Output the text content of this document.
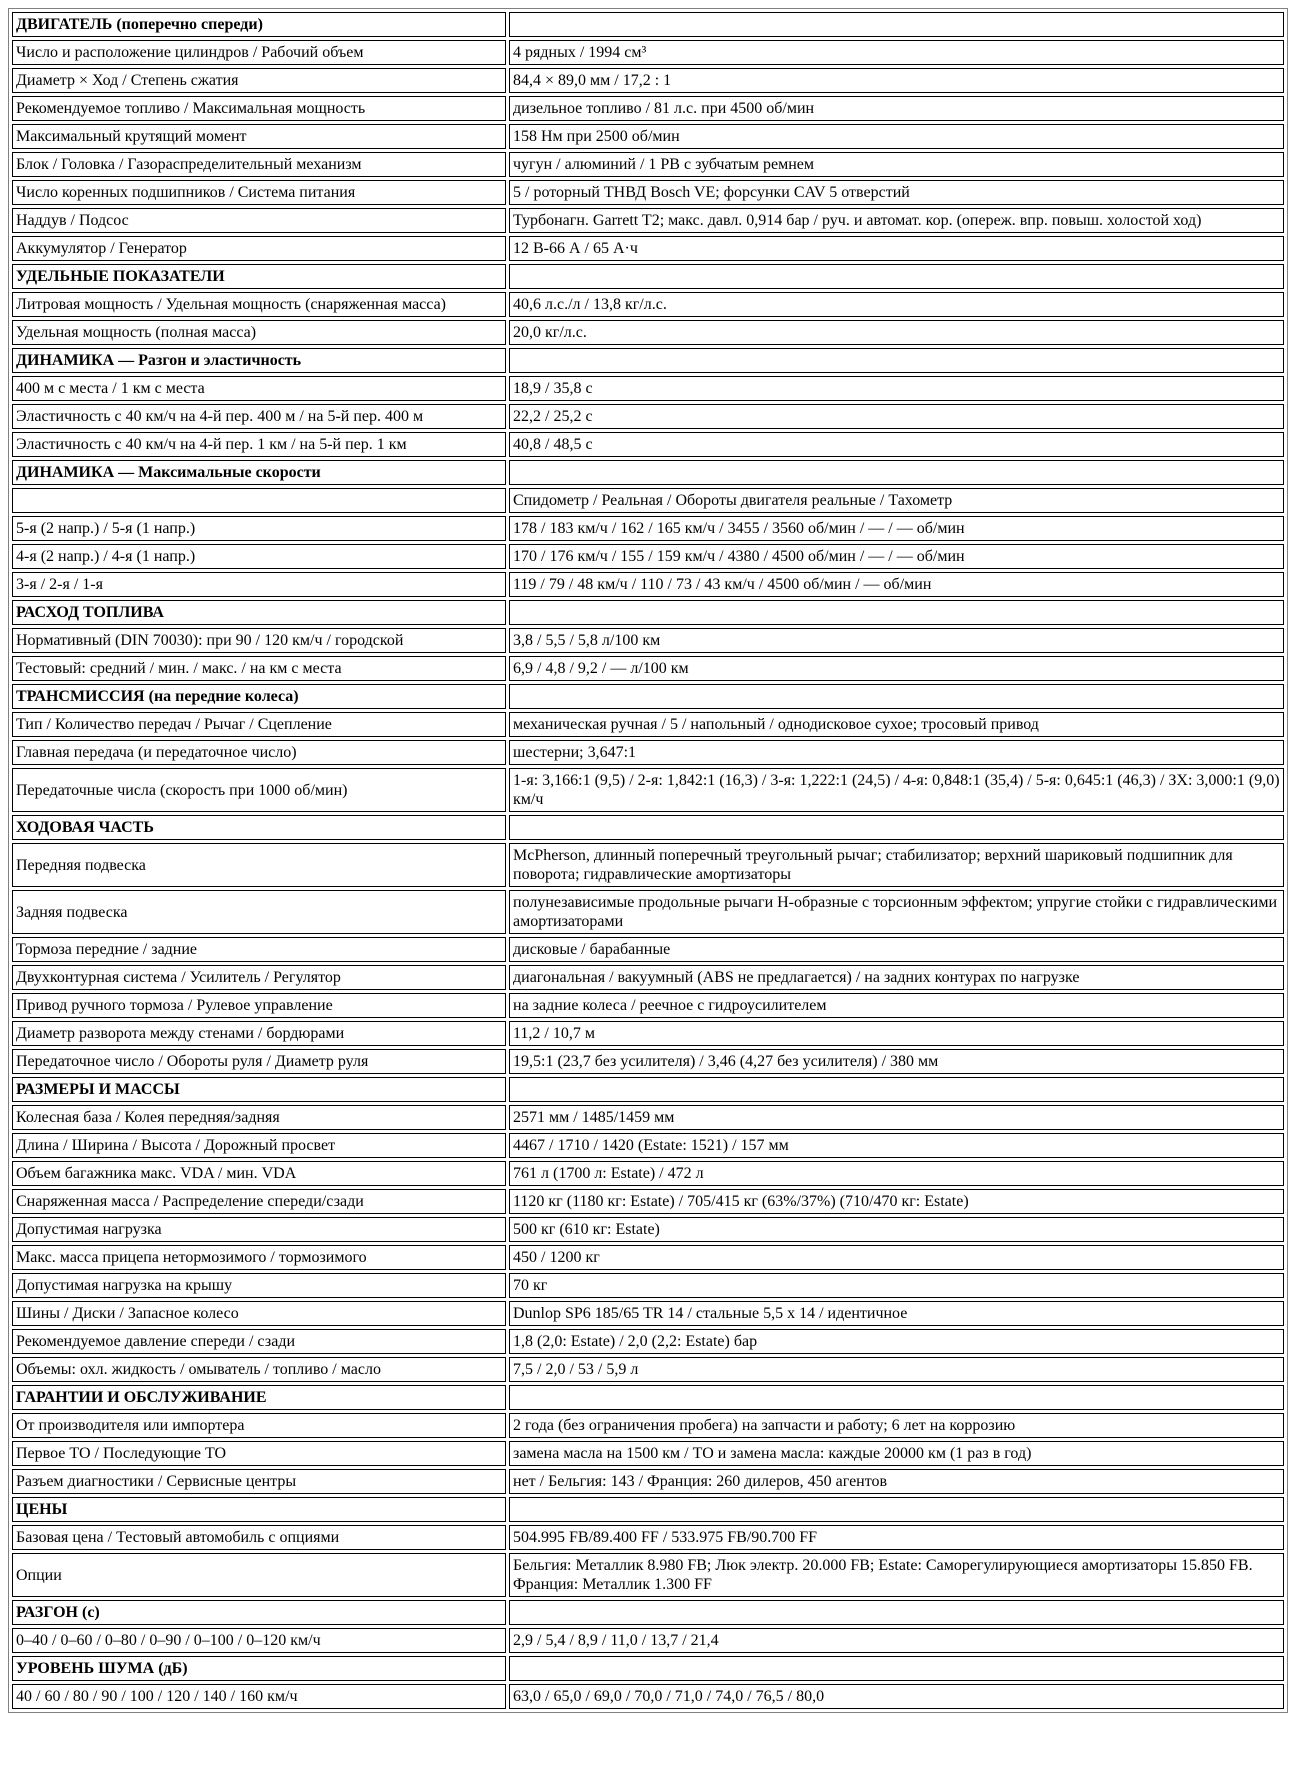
ДВИГАТЕЛЬ (поперечно спереди)	
Число и расположение цилиндров / Рабочий объем	4 рядных / 1994 см³
Диаметр × Ход / Степень сжатия	84,4 × 89,0 мм / 17,2 : 1
Рекомендуемое топливо / Максимальная мощность	дизельное топливо / 81 л.с. при 4500 об/мин
Максимальный крутящий момент	158 Нм при 2500 об/мин
Блок / Головка / Газораспределительный механизм	чугун / алюминий / 1 РВ с зубчатым ремнем
Число коренных подшипников / Система питания	5 / роторный ТНВД Bosch VE; форсунки CAV 5 отверстий
Наддув / Подсос	Турбонагн. Garrett T2; макс. давл. 0,914 бар / руч. и автомат. кор. (опереж. впр. повыш. холостой ход)
Аккумулятор / Генератор	12 В-66 А / 65 А·ч
УДЕЛЬНЫЕ ПОКАЗАТЕЛИ	
Литровая мощность / Удельная мощность (снаряженная масса)	40,6 л.с./л / 13,8 кг/л.с.
Удельная мощность (полная масса)	20,0 кг/л.с.
ДИНАМИКА — Разгон и эластичность	
400 м с места / 1 км с места	18,9 / 35,8 с
Эластичность с 40 км/ч на 4-й пер. 400 м / на 5-й пер. 400 м	22,2 / 25,2 с
Эластичность с 40 км/ч на 4-й пер. 1 км / на 5-й пер. 1 км	40,8 / 48,5 с
ДИНАМИКА — Максимальные скорости	
	Спидометр / Реальная / Обороты двигателя реальные / Тахометр
5-я (2 напр.) / 5-я (1 напр.)	178 / 183 км/ч / 162 / 165 км/ч / 3455 / 3560 об/мин / — / — об/мин
4-я (2 напр.) / 4-я (1 напр.)	170 / 176 км/ч / 155 / 159 км/ч / 4380 / 4500 об/мин / — / — об/мин
3-я / 2-я / 1-я	119 / 79 / 48 км/ч / 110 / 73 / 43 км/ч / 4500 об/мин / — об/мин
РАСХОД ТОПЛИВА	
Нормативный (DIN 70030): при 90 / 120 км/ч / городской	3,8 / 5,5 / 5,8 л/100 км
Тестовый: средний / мин. / макс. / на км с места	6,9 / 4,8 / 9,2 / — л/100 км
ТРАНСМИССИЯ (на передние колеса)	
Тип / Количество передач / Рычаг / Сцепление	механическая ручная / 5 / напольный / однодисковое сухое; тросовый привод
Главная передача (и передаточное число)	шестерни; 3,647:1
Передаточные числа (скорость при 1000 об/мин)	1-я: 3,166:1 (9,5) / 2-я: 1,842:1 (16,3) / 3-я: 1,222:1 (24,5) / 4-я: 0,848:1 (35,4) / 5-я: 0,645:1 (46,3) / ЗХ: 3,000:1 (9,0) км/ч
ХОДОВАЯ ЧАСТЬ	
Передняя подвеска	McPherson, длинный поперечный треугольный рычаг; стабилизатор; верхний шариковый подшипник для поворота; гидравлические амортизаторы
Задняя подвеска	полунезависимые продольные рычаги Н-образные с торсионным эффектом; упругие стойки с гидравлическими амортизаторами
Тормоза передние / задние	дисковые / барабанные
Двухконтурная система / Усилитель / Регулятор	диагональная / вакуумный (ABS не предлагается) / на задних контурах по нагрузке
Привод ручного тормоза / Рулевое управление	на задние колеса / реечное с гидроусилителем
Диаметр разворота между стенами / бордюрами	11,2 / 10,7 м
Передаточное число / Обороты руля / Диаметр руля	19,5:1 (23,7 без усилителя) / 3,46 (4,27 без усилителя) / 380 мм
РАЗМЕРЫ И МАССЫ	
Колесная база / Колея передняя/задняя	2571 мм / 1485/1459 мм
Длина / Ширина / Высота / Дорожный просвет	4467 / 1710 / 1420 (Estate: 1521) / 157 мм
Объем багажника макс. VDA / мин. VDA	761 л (1700 л: Estate) / 472 л
Снаряженная масса / Распределение спереди/сзади	1120 кг (1180 кг: Estate) / 705/415 кг (63%/37%) (710/470 кг: Estate)
Допустимая нагрузка	500 кг (610 кг: Estate)
Макс. масса прицепа нетормозимого / тормозимого	450 / 1200 кг
Допустимая нагрузка на крышу	70 кг
Шины / Диски / Запасное колесо	Dunlop SP6 185/65 TR 14 / стальные 5,5 х 14 / идентичное
Рекомендуемое давление спереди / сзади	1,8 (2,0: Estate) / 2,0 (2,2: Estate) бар
Объемы: охл. жидкость / омыватель / топливо / масло	7,5 / 2,0 / 53 / 5,9 л
ГАРАНТИИ И ОБСЛУЖИВАНИЕ	
От производителя или импортера	2 года (без ограничения пробега) на запчасти и работу; 6 лет на коррозию
Первое ТО / Последующие ТО	замена масла на 1500 км / ТО и замена масла: каждые 20000 км (1 раз в год)
Разъем диагностики / Сервисные центры	нет / Бельгия: 143 / Франция: 260 дилеров, 450 агентов
ЦЕНЫ	
Базовая цена / Тестовый автомобиль с опциями	504.995 FB/89.400 FF / 533.975 FB/90.700 FF
Опции	Бельгия: Металлик 8.980 FB; Люк электр. 20.000 FB; Estate: Саморегулирующиеся амортизаторы 15.850 FB. Франция: Металлик 1.300 FF
РАЗГОН (с)	
0–40 / 0–60 / 0–80 / 0–90 / 0–100 / 0–120 км/ч	2,9 / 5,4 / 8,9 / 11,0 / 13,7 / 21,4
УРОВЕНЬ ШУМА (дБ)	
40 / 60 / 80 / 90 / 100 / 120 / 140 / 160 км/ч	63,0 / 65,0 / 69,0 / 70,0 / 71,0 / 74,0 / 76,5 / 80,0
